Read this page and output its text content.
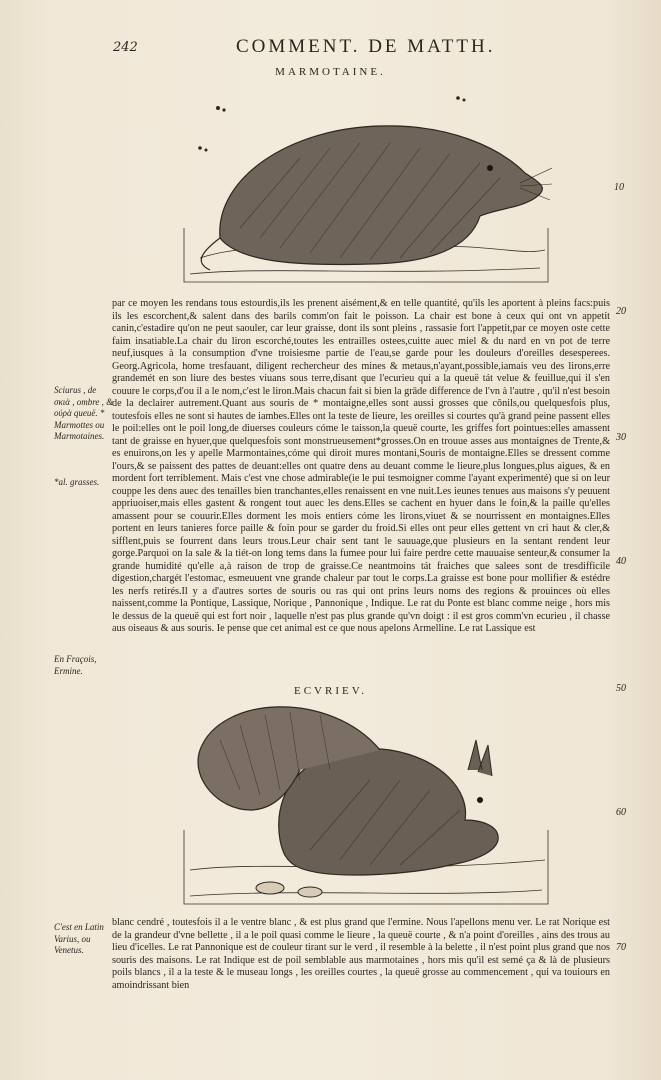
242	COMMENT. DE MATTH.
MARMOTAINE.
10
20
30
40
50
60
70
Sciurus , de σκιὰ , ombre , & οὐρὰ queuë. * Marmottes ou Marmotaines.
*al. grasses.
En Fraçois, Ermine.
C'est en Latin Varius, ou Venetus.

par ce moyen les rendans tous estourdis,ils les prenent aisément,& en telle quantité, qu'ils les aportent à pleins facs:puis ils les escorchent,& salent dans des barils comm'on fait le poisson. La chair est bone à ceux qui ont vn appetit canin,c'estadire qu'on ne peut saouler, car leur graisse, dont ils sont pleins , rassasie fort l'appetit,par ce moyen oste cette faim insatiable.La chair du liron escorché,toutes les entrailles ostees,cuitte auec miel & du nard en vn pot de terre neuf,iusques à la consumption d'vne troisiesme partie de l'eau,se garde pour les douleurs d'oreilles desesperees. Georg.Agricola, home tresfauant, diligent rechercheur des mines & metaus,n'ayant,possible,iamais veu des lirons,erre grandemét en son liure des bestes viuans sous terre,disant que l'ecurieu qui a la queuë tát velue & feuillue,qui il s'en couure le corps,d'ou il a le nom,c'est le liron.Mais chacun fait si bien la grāde difference de l'vn à l'autre , qu'il n'est besoin de la declairer autrement.Quant aus souris de * montaigne,elles sont aussi grosses que cōnils,ou quelquesfois plus, toutesfois elles ne sont si hautes de iambes.Elles ont la teste de lieure, les oreilles si courtes qu'à grand peine passent elles le poil:elles ont le poil long,de diuerses couleurs cóme le taisson,la queuë courte, les griffes fort pointues:elles amassent tant de graisse en hyuer,que quelquesfois sont monstrueusement*grosses.On en trouue asses aus montaignes de Trente,& es enuirons,on les y apelle Marmontaines,cóme qui diroit mures montani,Souris de montaigne.Elles se dressent comme l'ours,& se paissent des pattes de deuant:elles ont quatre dens au deuant comme le lieure,plus longues,plus aigues, & en mordent fort terriblement. Mais c'est vne chose admirable(ie le pui tesmoigner comme l'ayant experimenté) que si on leur couppe les dens auec des tenailles bien tranchantes,elles renaissent en vne nuit.Les ieunes tenues aus maisons s'y peuuent appriuoiser,mais elles gastent & rongent tout auec les dens.Elles se cachent en hyuer dans le foin,& la paille qu'elles amassent pour se couurir.Elles dorment les mois entiers cóme les lirons,viuet & se nourrissent en montaignes.Elles portent en leurs tanieres force paille & foin pour se garder du froid.Si elles ont peur elles gettent vn cri haut & cler,& sifflent,puis se fourrent dans leurs trous.Leur chair sent tant le sauuage,que plusieurs en la sentant rendent leur gorge.Parquoi on la sale & la tiét-on long tems dans la fumee pour lui faire perdre cette mauuaise senteur,& consumer la grande humidité qu'elle a,à raison de trop de graisse.Ce neantmoins tát fraiches que salees sont de tresdifficile digestion,chargét l'estomac, esmeuuent vne grande chaleur par tout le corps.La graisse est bone pour mollifier & estédre les nerfs retirés.Il y a d'autres sortes de souris ou ras qui ont prins leurs noms des regions & prouinces où elles naissent,comme la Pontique, Lassique, Norique , Pannonique , Indique. Le rat du Ponte est blanc comme neige , hors mis le dessus de la queuë qui est fort noir , laquelle n'est pas plus grande qu'vn doigt : il est gros comm'vn ecurieu , il chasse aus oiseaus & aus souris. Ie pense que cet animal est ce que nous apelons Armelline. Le rat Lassique est

ECVRIEV.

blanc cendré , toutesfois il a le ventre blanc , & est plus grand que l'ermine. Nous l'apellons menu ver. Le rat Norique est de la grandeur d'vne bellette , il a le poil quasi comme le lieure , la queuë courte , & n'a point d'oreilles , ains des trous au lieu d'icelles. Le rat Pannonique est de couleur tirant sur le verd , il resemble à la belette , il n'est point plus grand que nos souris des maisons. Le rat Indique est de poil semblable aus marmotaines , hors mis qu'il est semé ça & là de plusieurs poils blancs , il a la teste & le museau longs , les oreilles courtes , la queuë grosse au commencement , qui va touiours en amoindrissant bien
